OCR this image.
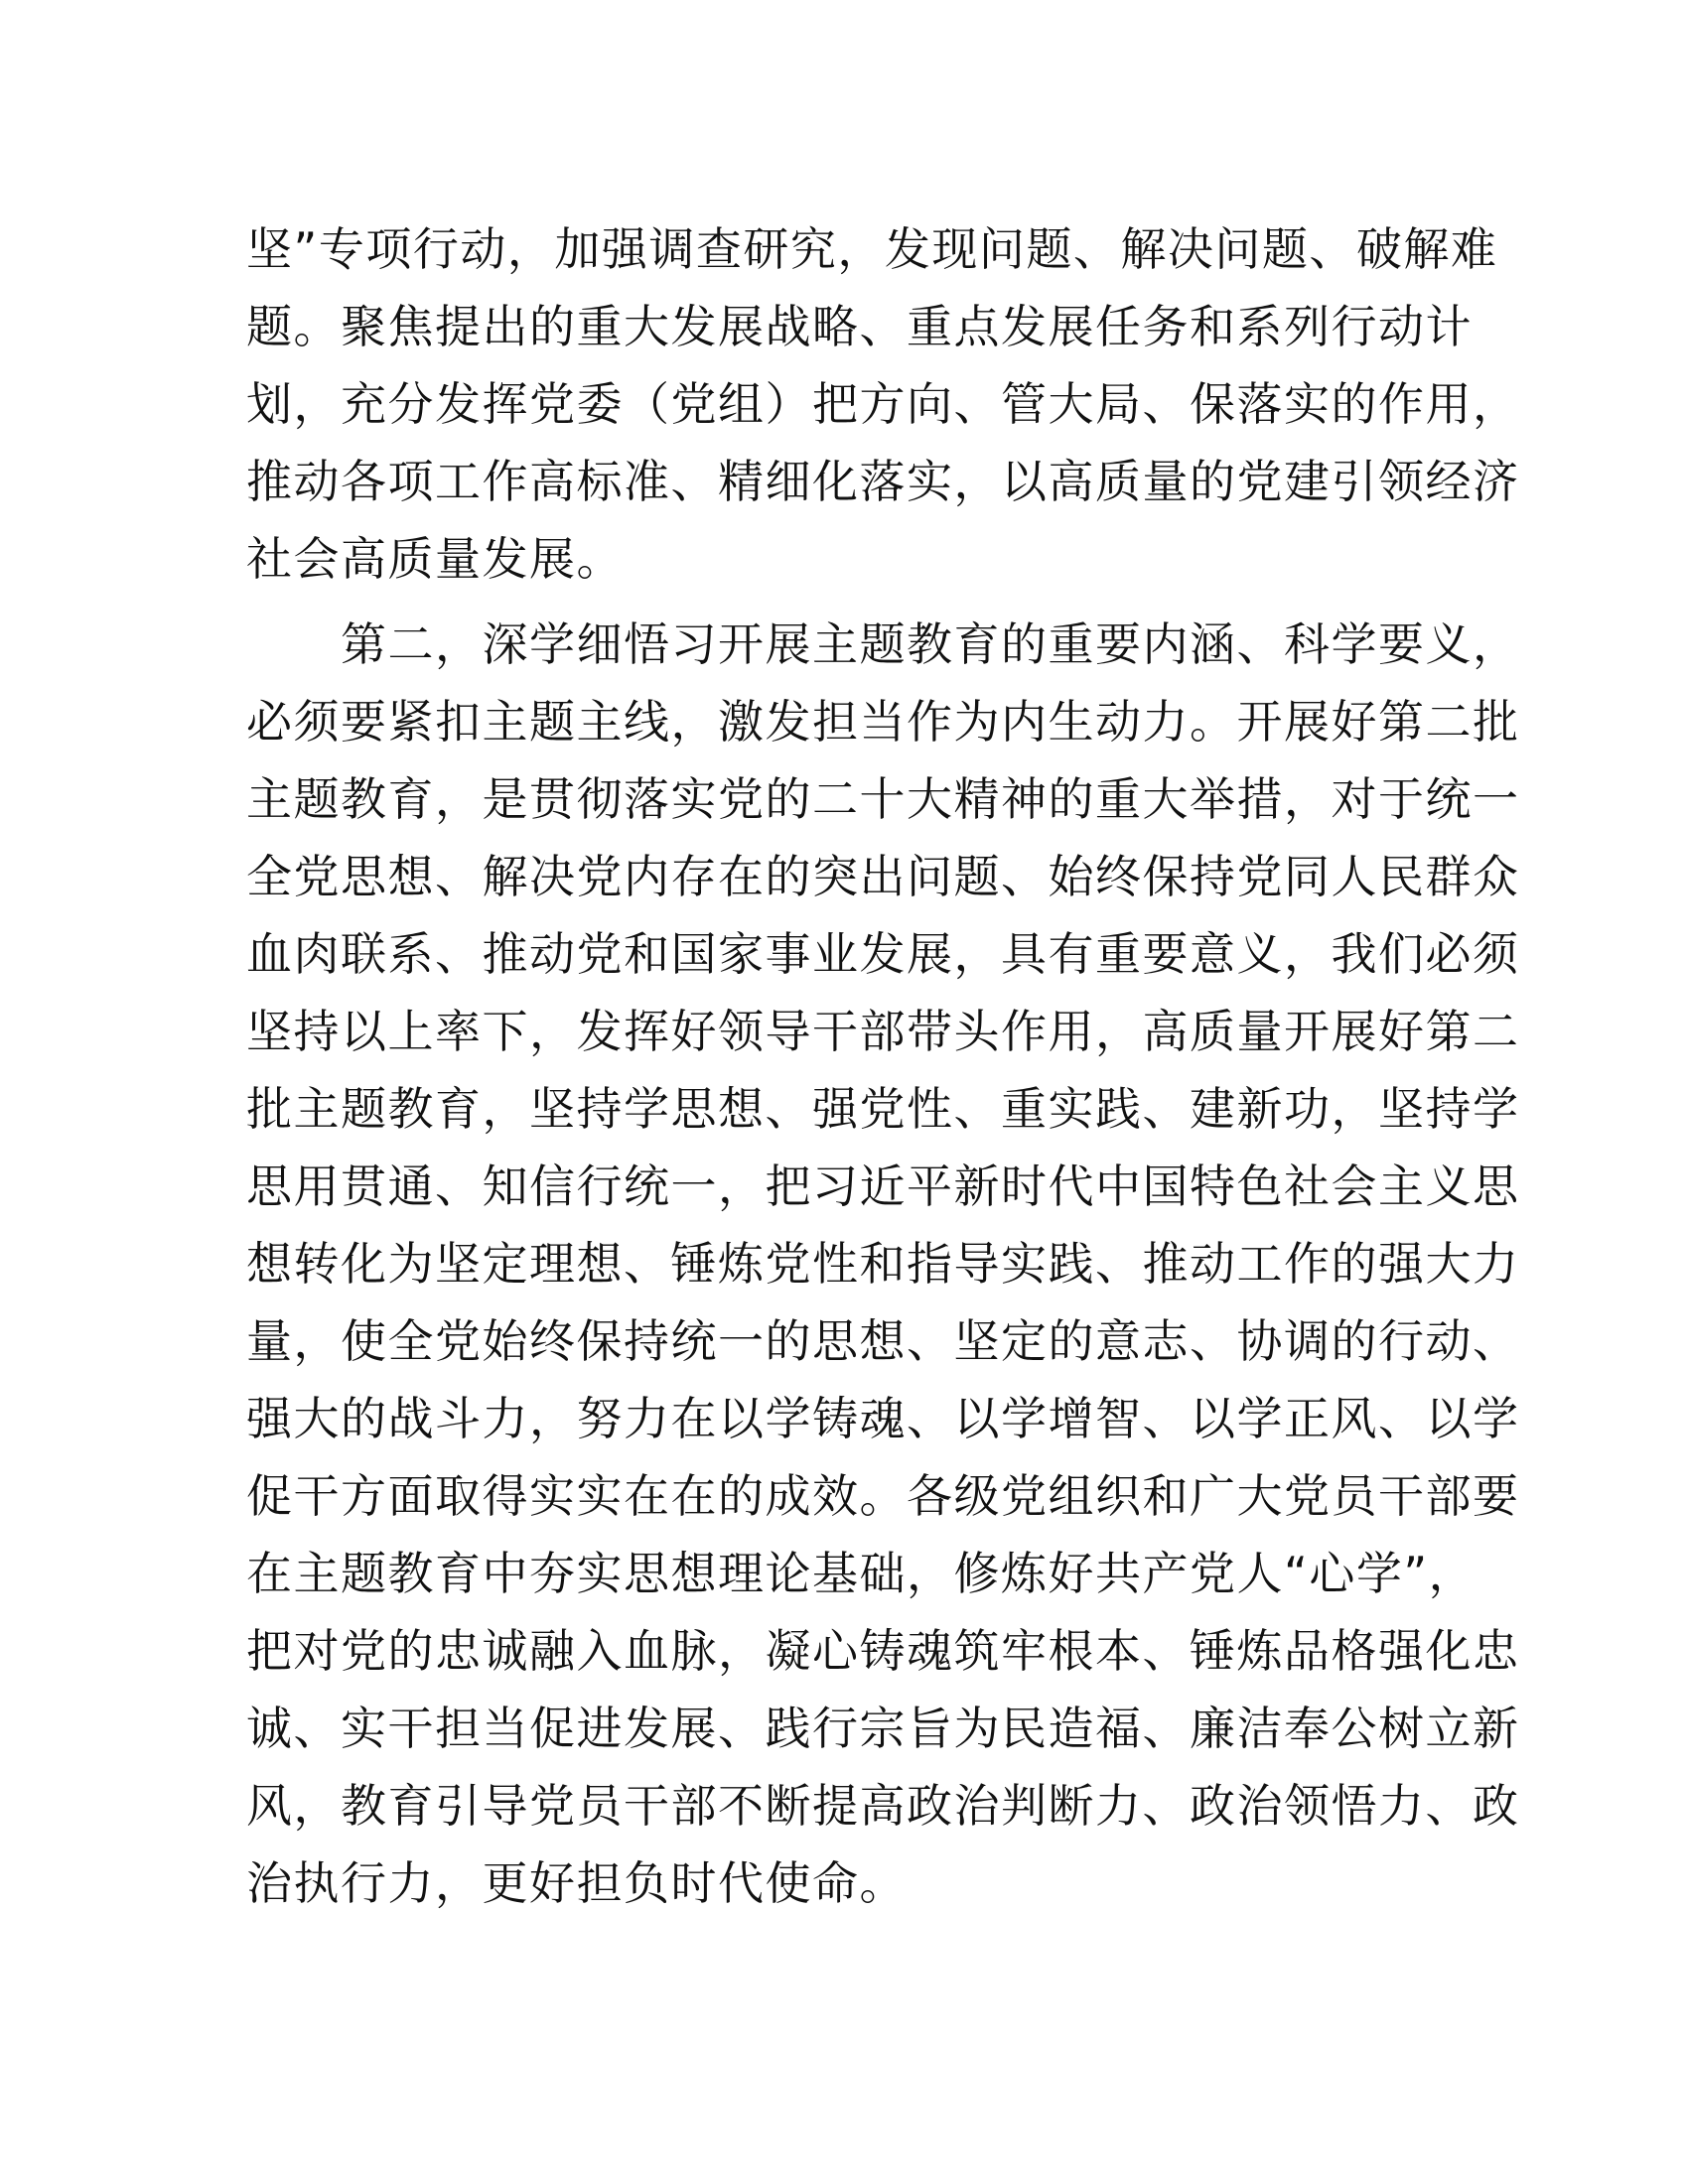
坚”专项行动，加强调查研究，发现问题、解决问题、破解难
题。聚焦提出的重大发展战略、重点发展任务和系列行动计
划，充分发挥党委（党组）把方向、管大局、保落实的作用，
推动各项工作高标准、精细化落实，以高质量的党建引领经济
社会高质量发展。
　　第二，深学细悟习开展主题教育的重要内涵、科学要义，
必须要紧扣主题主线，激发担当作为内生动力。开展好第二批
主题教育，是贯彻落实党的二十大精神的重大举措，对于统一
全党思想、解决党内存在的突出问题、始终保持党同人民群众
血肉联系、推动党和国家事业发展，具有重要意义，我们必须
坚持以上率下，发挥好领导干部带头作用，高质量开展好第二
批主题教育，坚持学思想、强党性、重实践、建新功，坚持学
思用贯通、知信行统一，把习近平新时代中国特色社会主义思
想转化为坚定理想、锤炼党性和指导实践、推动工作的强大力
量，使全党始终保持统一的思想、坚定的意志、协调的行动、
强大的战斗力，努力在以学铸魂、以学增智、以学正风、以学
促干方面取得实实在在的成效。各级党组织和广大党员干部要
在主题教育中夯实思想理论基础，修炼好共产党人“心学”，
把对党的忠诚融入血脉，凝心铸魂筑牢根本、锤炼品格强化忠
诚、实干担当促进发展、践行宗旨为民造福、廉洁奉公树立新
风，教育引导党员干部不断提高政治判断力、政治领悟力、政
治执行力，更好担负时代使命。
